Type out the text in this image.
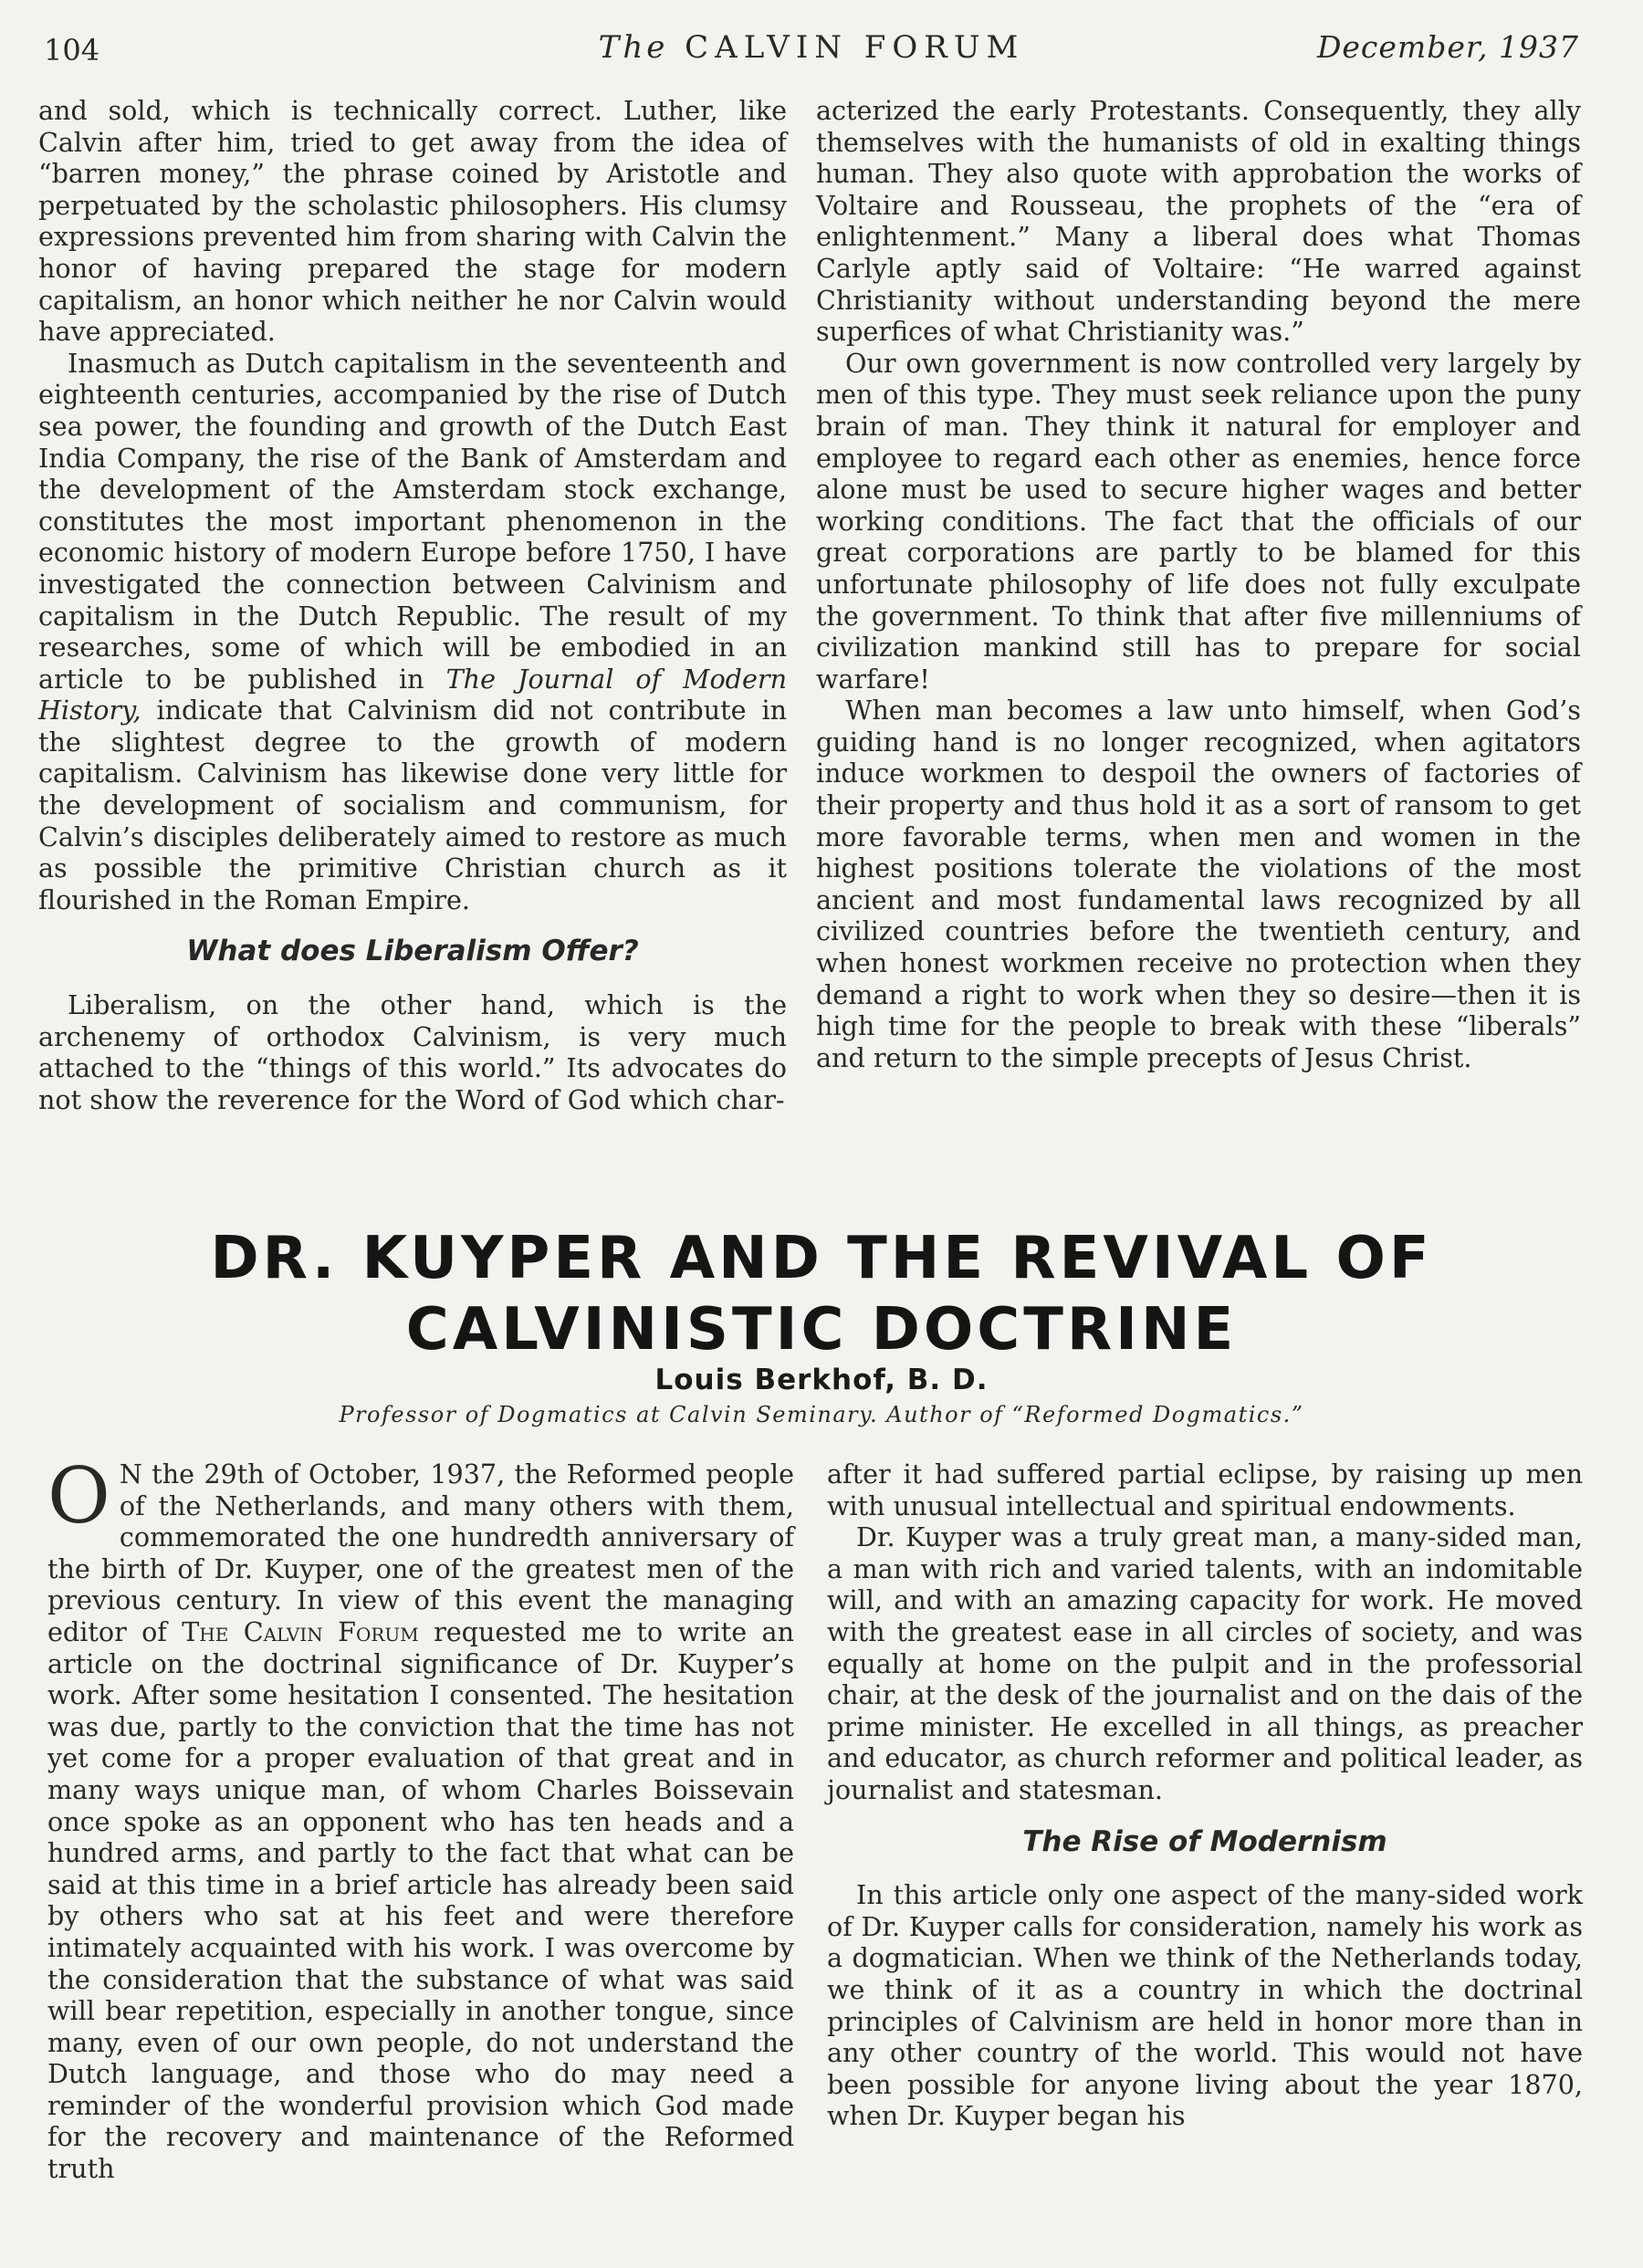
104	The CALVIN FORUM	December, 1937

and sold, which is technically correct. Luther, like Calvin after him, tried to get away from the idea of “barren money,” the phrase coined by Aristotle and perpetuated by the scholastic philosophers. His clumsy expressions prevented him from sharing with Calvin the honor of having prepared the stage for modern capitalism, an honor which neither he nor Calvin would have appreciated.

Inasmuch as Dutch capitalism in the seventeenth and eighteenth centuries, accompanied by the rise of Dutch sea power, the founding and growth of the Dutch East India Company, the rise of the Bank of Amsterdam and the development of the Amsterdam stock exchange, constitutes the most important phenomenon in the economic history of modern Europe before 1750, I have investigated the connection between Calvinism and capitalism in the Dutch Republic. The result of my researches, some of which will be embodied in an article to be published in The Journal of Modern History, indicate that Calvinism did not contribute in the slightest degree to the growth of modern capitalism. Calvinism has likewise done very little for the development of socialism and communism, for Calvin’s disciples deliberately aimed to restore as much as possible the primitive Christian church as it flourished in the Roman Empire.

What does Liberalism Offer?

Liberalism, on the other hand, which is the archenemy of orthodox Calvinism, is very much attached to the “things of this world.” Its advocates do not show the reverence for the Word of God which char-

acterized the early Protestants. Consequently, they ally themselves with the humanists of old in exalting things human. They also quote with approbation the works of Voltaire and Rousseau, the prophets of the “era of enlightenment.” Many a liberal does what Thomas Carlyle aptly said of Voltaire: “He warred against Christianity without understanding beyond the mere superfices of what Christianity was.”

Our own government is now controlled very largely by men of this type. They must seek reliance upon the puny brain of man. They think it natural for employer and employee to regard each other as enemies, hence force alone must be used to secure higher wages and better working conditions. The fact that the officials of our great corporations are partly to be blamed for this unfortunate philosophy of life does not fully exculpate the government. To think that after five millenniums of civilization mankind still has to prepare for social warfare!

When man becomes a law unto himself, when God’s guiding hand is no longer recognized, when agitators induce workmen to despoil the owners of factories of their property and thus hold it as a sort of ransom to get more favorable terms, when men and women in the highest positions tolerate the violations of the most ancient and most fundamental laws recognized by all civilized countries before the twentieth century, and when honest workmen receive no protection when they demand a right to work when they so desire—then it is high time for the people to break with these “liberals” and return to the simple precepts of Jesus Christ.

DR. KUYPER AND THE REVIVAL OF
CALVINISTIC DOCTRINE
Louis Berkhof, B. D.
Professor of Dogmatics at Calvin Seminary. Author of “Reformed Dogmatics.”

O N the 29th of October, 1937, the Reformed people of the Netherlands, and many others with them, commemorated the one hundredth anniversary of the birth of Dr. Kuyper, one of the greatest men of the previous century. In view of this event the managing editor of The Calvin Forum requested me to write an article on the doctrinal significance of Dr. Kuyper’s work. After some hesitation I consented. The hesitation was due, partly to the conviction that the time has not yet come for a proper evaluation of that great and in many ways unique man, of whom Charles Boissevain once spoke as an opponent who has ten heads and a hundred arms, and partly to the fact that what can be said at this time in a brief article has already been said by others who sat at his feet and were therefore intimately acquainted with his work. I was overcome by the consideration that the substance of what was said will bear repetition, especially in another tongue, since many, even of our own people, do not understand the Dutch language, and those who do may need a reminder of the wonderful provision which God made for the recovery and maintenance of the Reformed truth

after it had suffered partial eclipse, by raising up men with unusual intellectual and spiritual endowments.

Dr. Kuyper was a truly great man, a many-sided man, a man with rich and varied talents, with an indomitable will, and with an amazing capacity for work. He moved with the greatest ease in all circles of society, and was equally at home on the pulpit and in the professorial chair, at the desk of the journalist and on the dais of the prime minister. He excelled in all things, as preacher and educator, as church reformer and political leader, as journalist and statesman.

The Rise of Modernism

In this article only one aspect of the many-sided work of Dr. Kuyper calls for consideration, namely his work as a dogmatician. When we think of the Netherlands today, we think of it as a country in which the doctrinal principles of Calvinism are held in honor more than in any other country of the world. This would not have been possible for anyone living about the year 1870, when Dr. Kuyper began his
